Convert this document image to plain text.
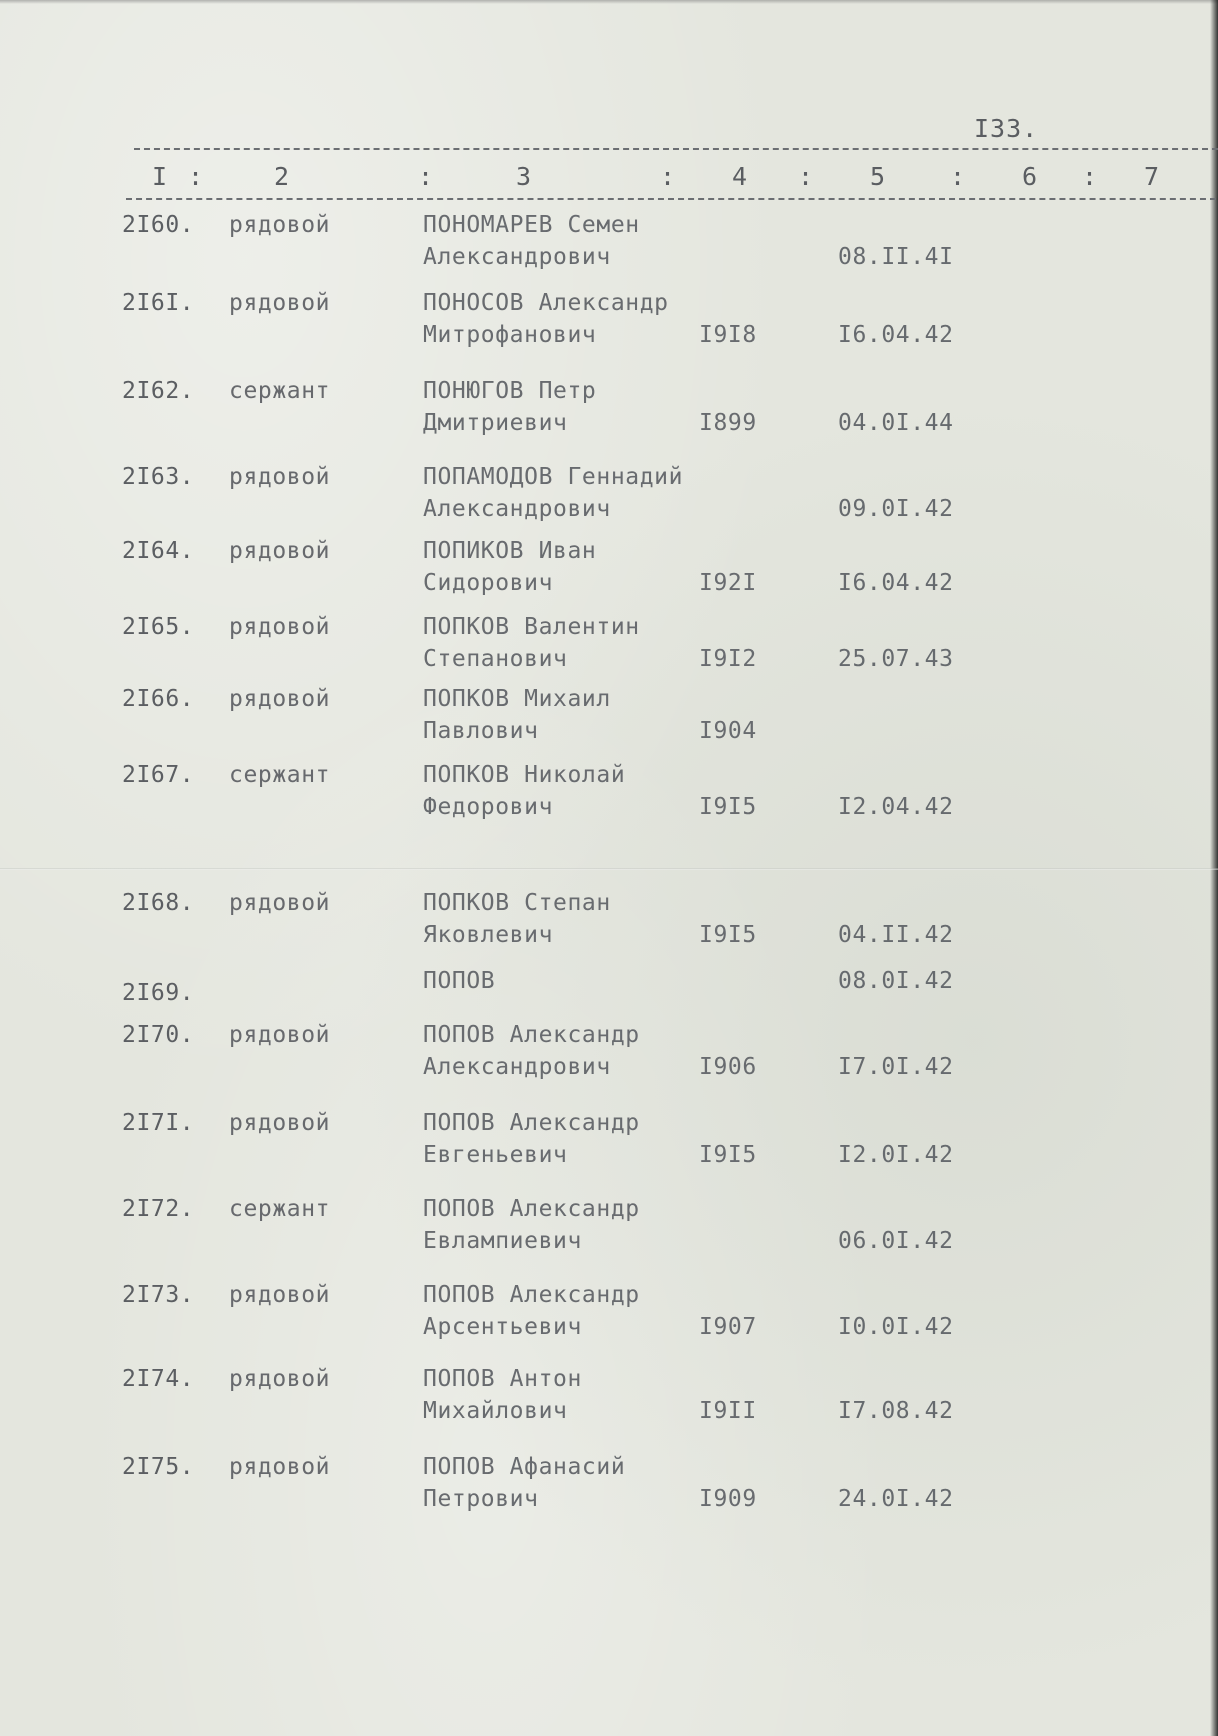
I33.
I :	2	:	3	: 4 : 5	: 6 : 7
2I60. рядовой	ПОНОМАРЕВ Семен
Александрович	08.II.4I
2I6I. рядовой	ПОНОСОВ Александр
Митрофанович	I9I8	I6.04.42
2I62. сержант	ПОНЮГОВ Петр
Дмитриевич	I899	04.0I.44
2I63. рядовой	ПОПАМОДОВ Геннадий
Александрович	09.0I.42
2I64. рядовой	ПОПИКОВ Иван
Сидорович	I92I	I6.04.42
2I65. рядовой	ПОПКОВ Валентин
Степанович	I9I2	25.07.43
2I66. рядовой	ПОПКОВ Михаил
Павлович	I904
2I67. сержант	ПОПКОВ Николай
Федорович	I9I5	I2.04.42
2I68. рядовой	ПОПКОВ Степан
Яковлевич	I9I5	04.II.42
2I69.	ПОПОВ	08.0I.42
2I70. рядовой	ПОПОВ Александр
Александрович	I906	I7.0I.42
2I7I. рядовой	ПОПОВ Александр
Евгеньевич	I9I5	I2.0I.42
2I72. сержант	ПОПОВ Александр
Евлампиевич	06.0I.42
2I73. рядовой	ПОПОВ Александр
Арсентьевич	I907	I0.0I.42
2I74. рядовой	ПОПОВ Антон
Михайлович	I9II	I7.08.42
2I75. рядовой	ПОПОВ Афанасий
Петрович	I909	24.0I.42
